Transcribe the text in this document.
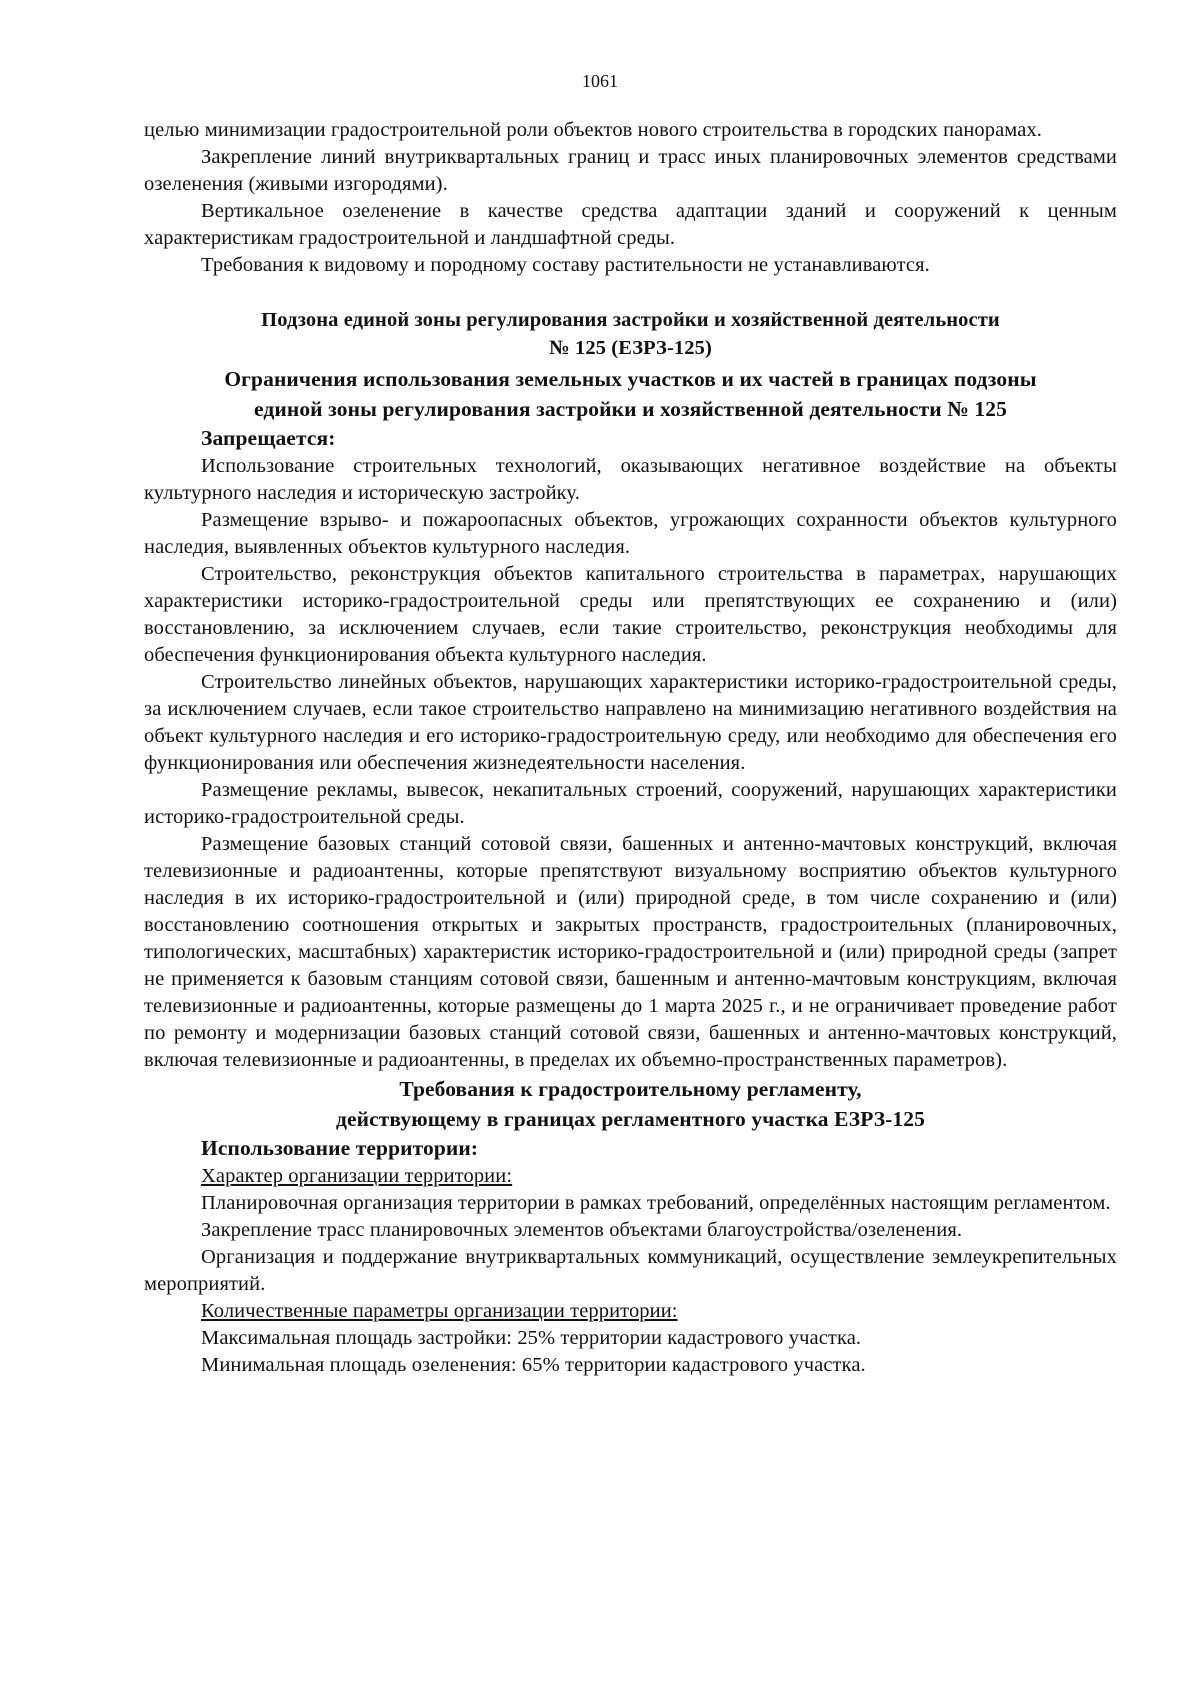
1061

целью минимизации градостроительной роли объектов нового строительства в городских панорамах.

Закрепление линий внутриквартальных границ и трасс иных планировочных элементов средствами озеленения (живыми изгородями).

Вертикальное озеленение в качестве средства адаптации зданий и сооружений к ценным характеристикам градостроительной и ландшафтной среды.

Требования к видовому и породному составу растительности не устанавливаются.

Подзона единой зоны регулирования застройки и хозяйственной деятельности
№ 125 (ЕЗРЗ-125)
Ограничения использования земельных участков и их частей в границах подзоны
единой зоны регулирования застройки и хозяйственной деятельности № 125

Запрещается:

Использование строительных технологий, оказывающих негативное воздействие на объекты культурного наследия и историческую застройку.

Размещение взрыво- и пожароопасных объектов, угрожающих сохранности объектов культурного наследия, выявленных объектов культурного наследия.

Строительство, реконструкция объектов капитального строительства в параметрах, нарушающих характеристики историко-градостроительной среды или препятствующих ее сохранению и (или) восстановлению, за исключением случаев, если такие строительство, реконструкция необходимы для обеспечения функционирования объекта культурного наследия.

Строительство линейных объектов, нарушающих характеристики историко-градостроительной среды, за исключением случаев, если такое строительство направлено на минимизацию негативного воздействия на объект культурного наследия и его историко-градостроительную среду, или необходимо для обеспечения его функционирования или обеспечения жизнедеятельности населения.

Размещение рекламы, вывесок, некапитальных строений, сооружений, нарушающих характеристики историко-градостроительной среды.

Размещение базовых станций сотовой связи, башенных и антенно-мачтовых конструкций, включая телевизионные и радиоантенны, которые препятствуют визуальному восприятию объектов культурного наследия в их историко-градостроительной и (или) природной среде, в том числе сохранению и (или) восстановлению соотношения открытых и закрытых пространств, градостроительных (планировочных, типологических, масштабных) характеристик историко-градостроительной и (или) природной среды (запрет не применяется к базовым станциям сотовой связи, башенным и антенно-мачтовым конструкциям, включая телевизионные и радиоантенны, которые размещены до 1 марта 2025 г., и не ограничивает проведение работ по ремонту и модернизации базовых станций сотовой связи, башенных и антенно-мачтовых конструкций, включая телевизионные и радиоантенны, в пределах их объемно-пространственных параметров).

Требования к градостроительному регламенту,
действующему в границах регламентного участка ЕЗРЗ-125

Использование территории:

Характер организации территории:

Планировочная организация территории в рамках требований, определённых настоящим регламентом.

Закрепление трасс планировочных элементов объектами благоустройства/озеленения.

Организация и поддержание внутриквартальных коммуникаций, осуществление землеукрепительных мероприятий.

Количественные параметры организации территории:

Максимальная площадь застройки: 25% территории кадастрового участка.

Минимальная площадь озеленения: 65% территории кадастрового участка.
